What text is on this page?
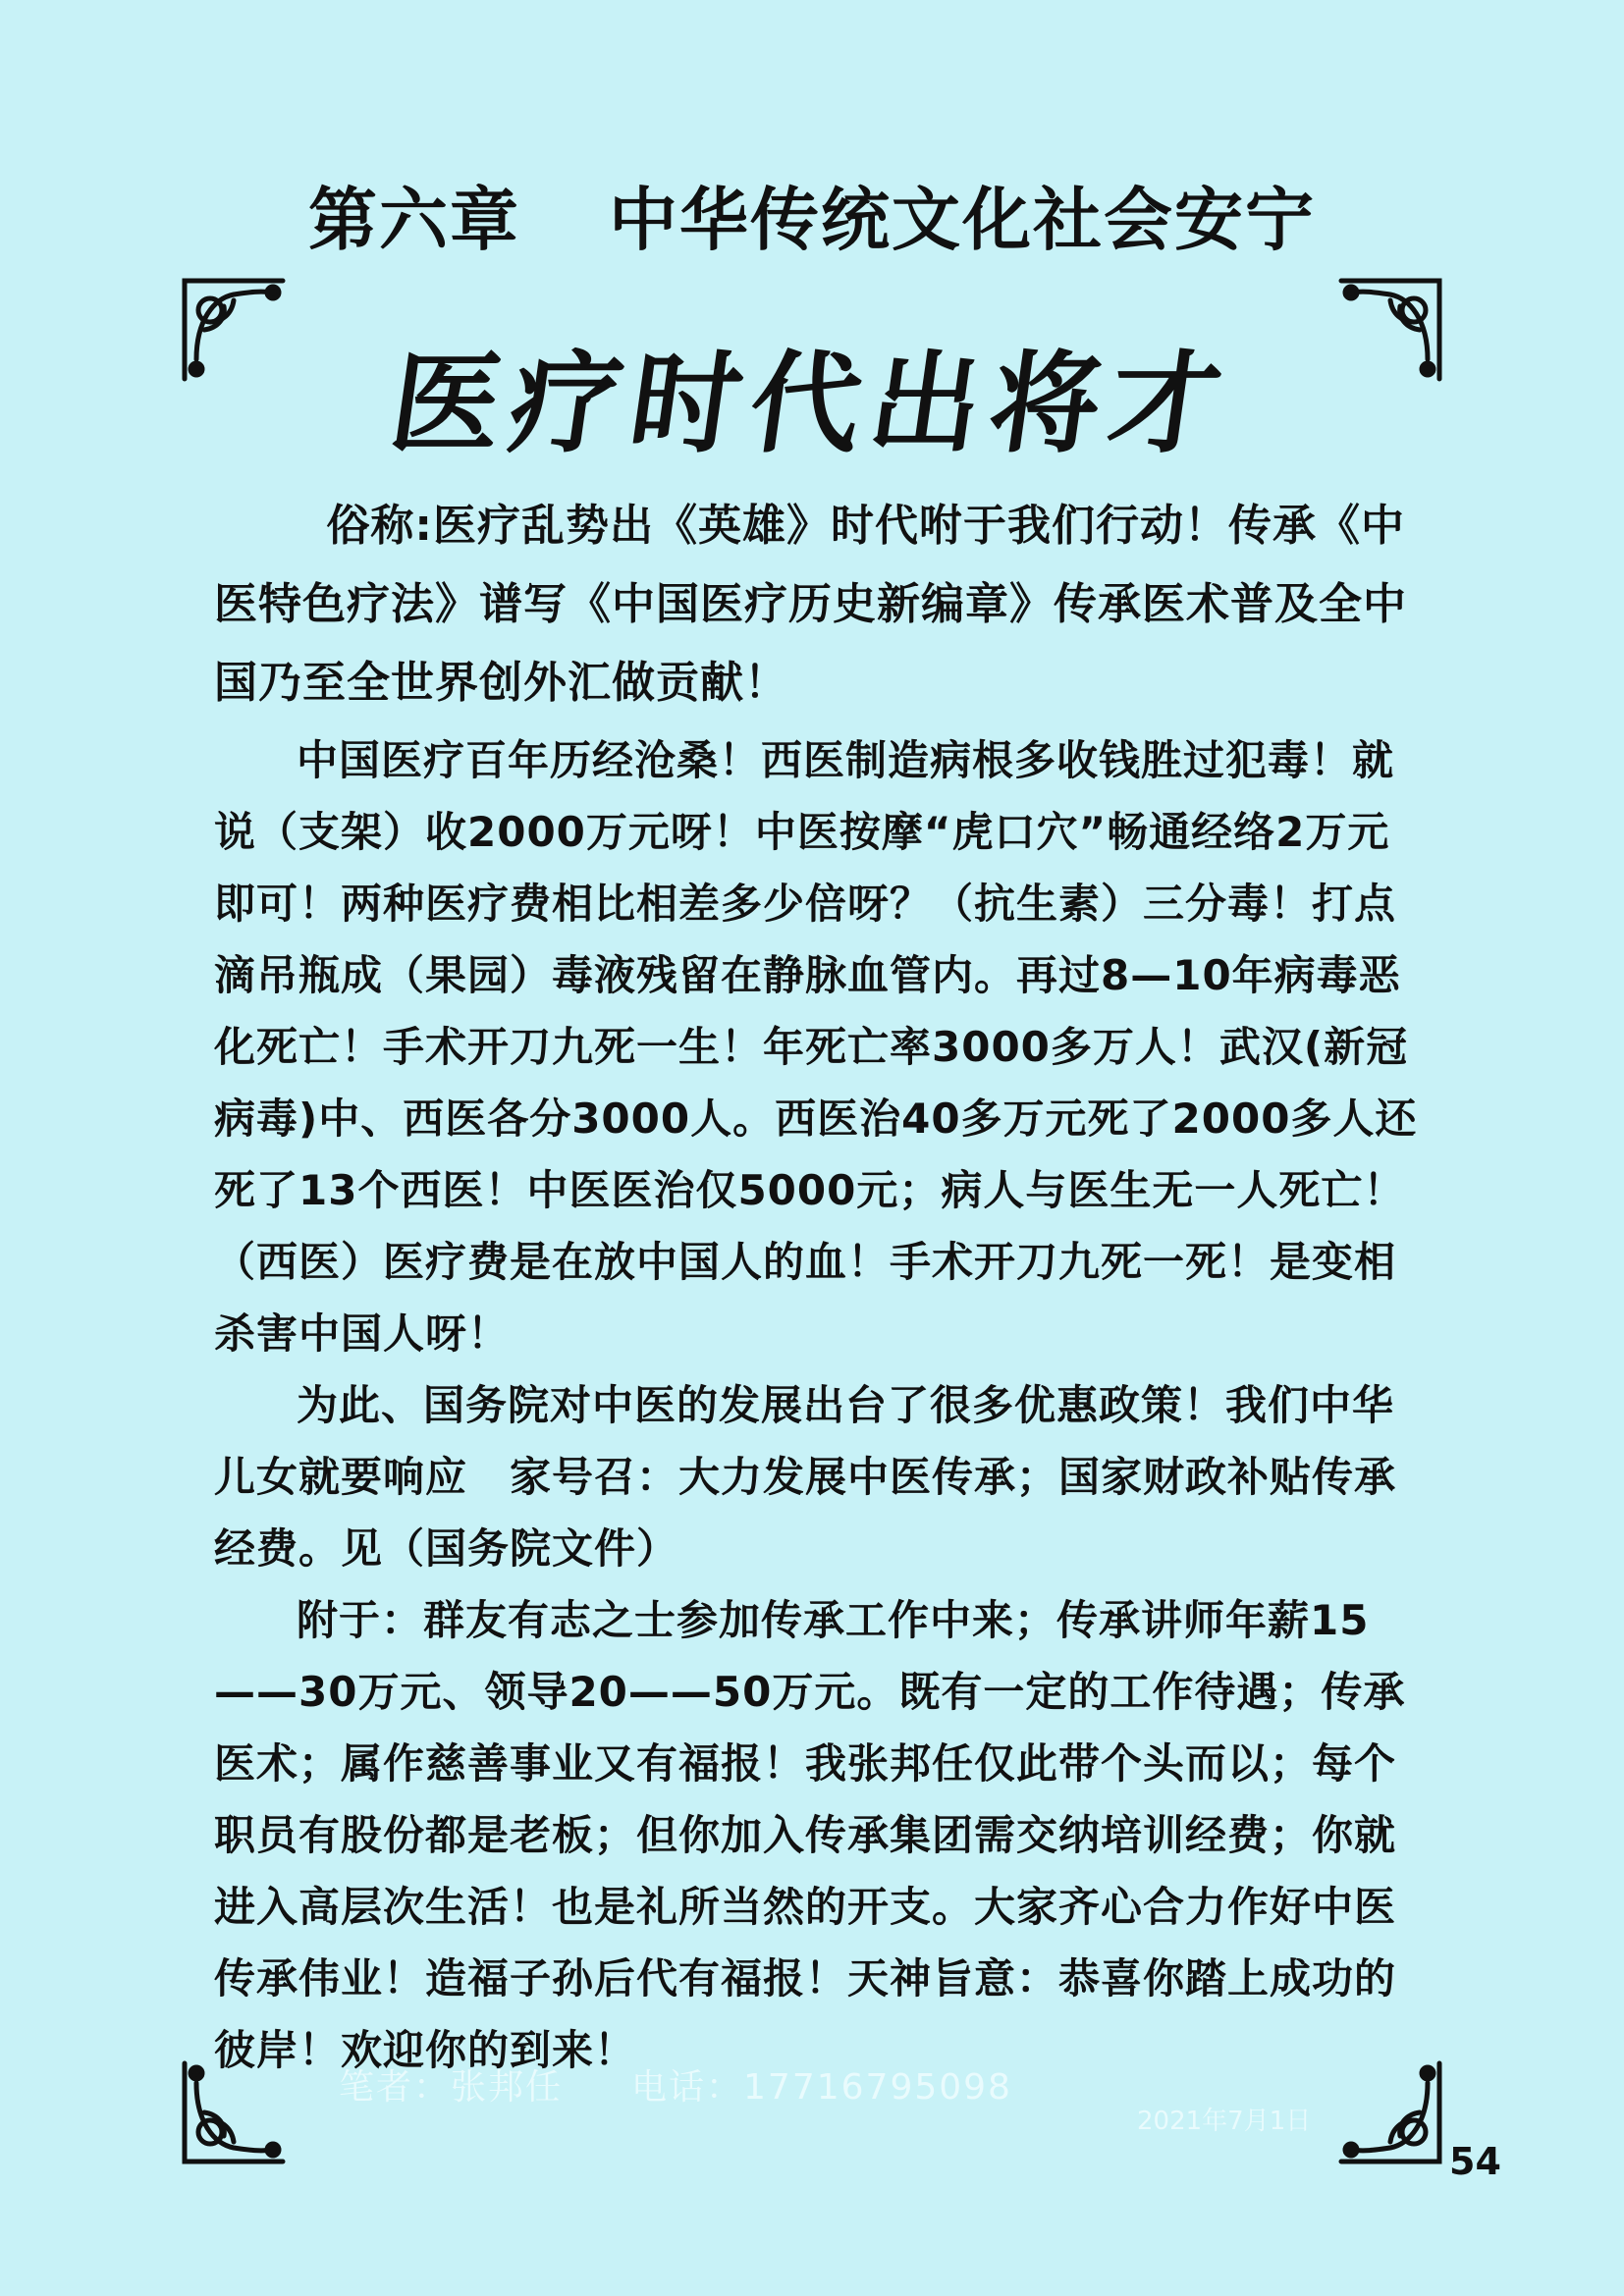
第六章 中华传统文化社会安宁
医疗时代出将才

俗称:医疗乱势出《英雄》时代咐于我们行动！传承《中医特色疗法》谱写《中国医疗历史新编章》传承医术普及全中国乃至全世界创外汇做贡献！

中国医疗百年历经沧桑！西医制造病根多收钱胜过犯毒！就说（支架）收2000万元呀！中医按摩“虎口穴”畅通经络2万元即可！两种医疗费相比相差多少倍呀？（抗生素）三分毒！打点滴吊瓶成（果园）毒液残留在静脉血管内。再过8—10年病毒恶化死亡！手术开刀九死一生！年死亡率3000多万人！武汉(新冠病毒)中、西医各分3000人。西医治40多万元死了2000多人还死了13个西医！中医医治仅5000元；病人与医生无一人死亡！（西医）医疗费是在放中国人的血！手术开刀九死一死！是变相杀害中国人呀！

为此、国务院对中医的发展出台了很多优惠政策！我们中华儿女就要响应　家号召：大力发展中医传承；国家财政补贴传承经费。见（国务院文件）

附于：群友有志之士参加传承工作中来；传承讲师年薪15——30万元、领导20——50万元。既有一定的工作待遇；传承医术；属作慈善事业又有福报！我张邦任仅此带个头而以；每个职员有股份都是老板；但你加入传承集团需交纳培训经费；你就进入高层次生活！也是礼所当然的开支。大家齐心合力作好中医传承伟业！造福子孙后代有福报！天神旨意：恭喜你踏上成功的彼岸！欢迎你的到来！

笔者：张邦任 电话：17716795098
2021年7月1日
54
